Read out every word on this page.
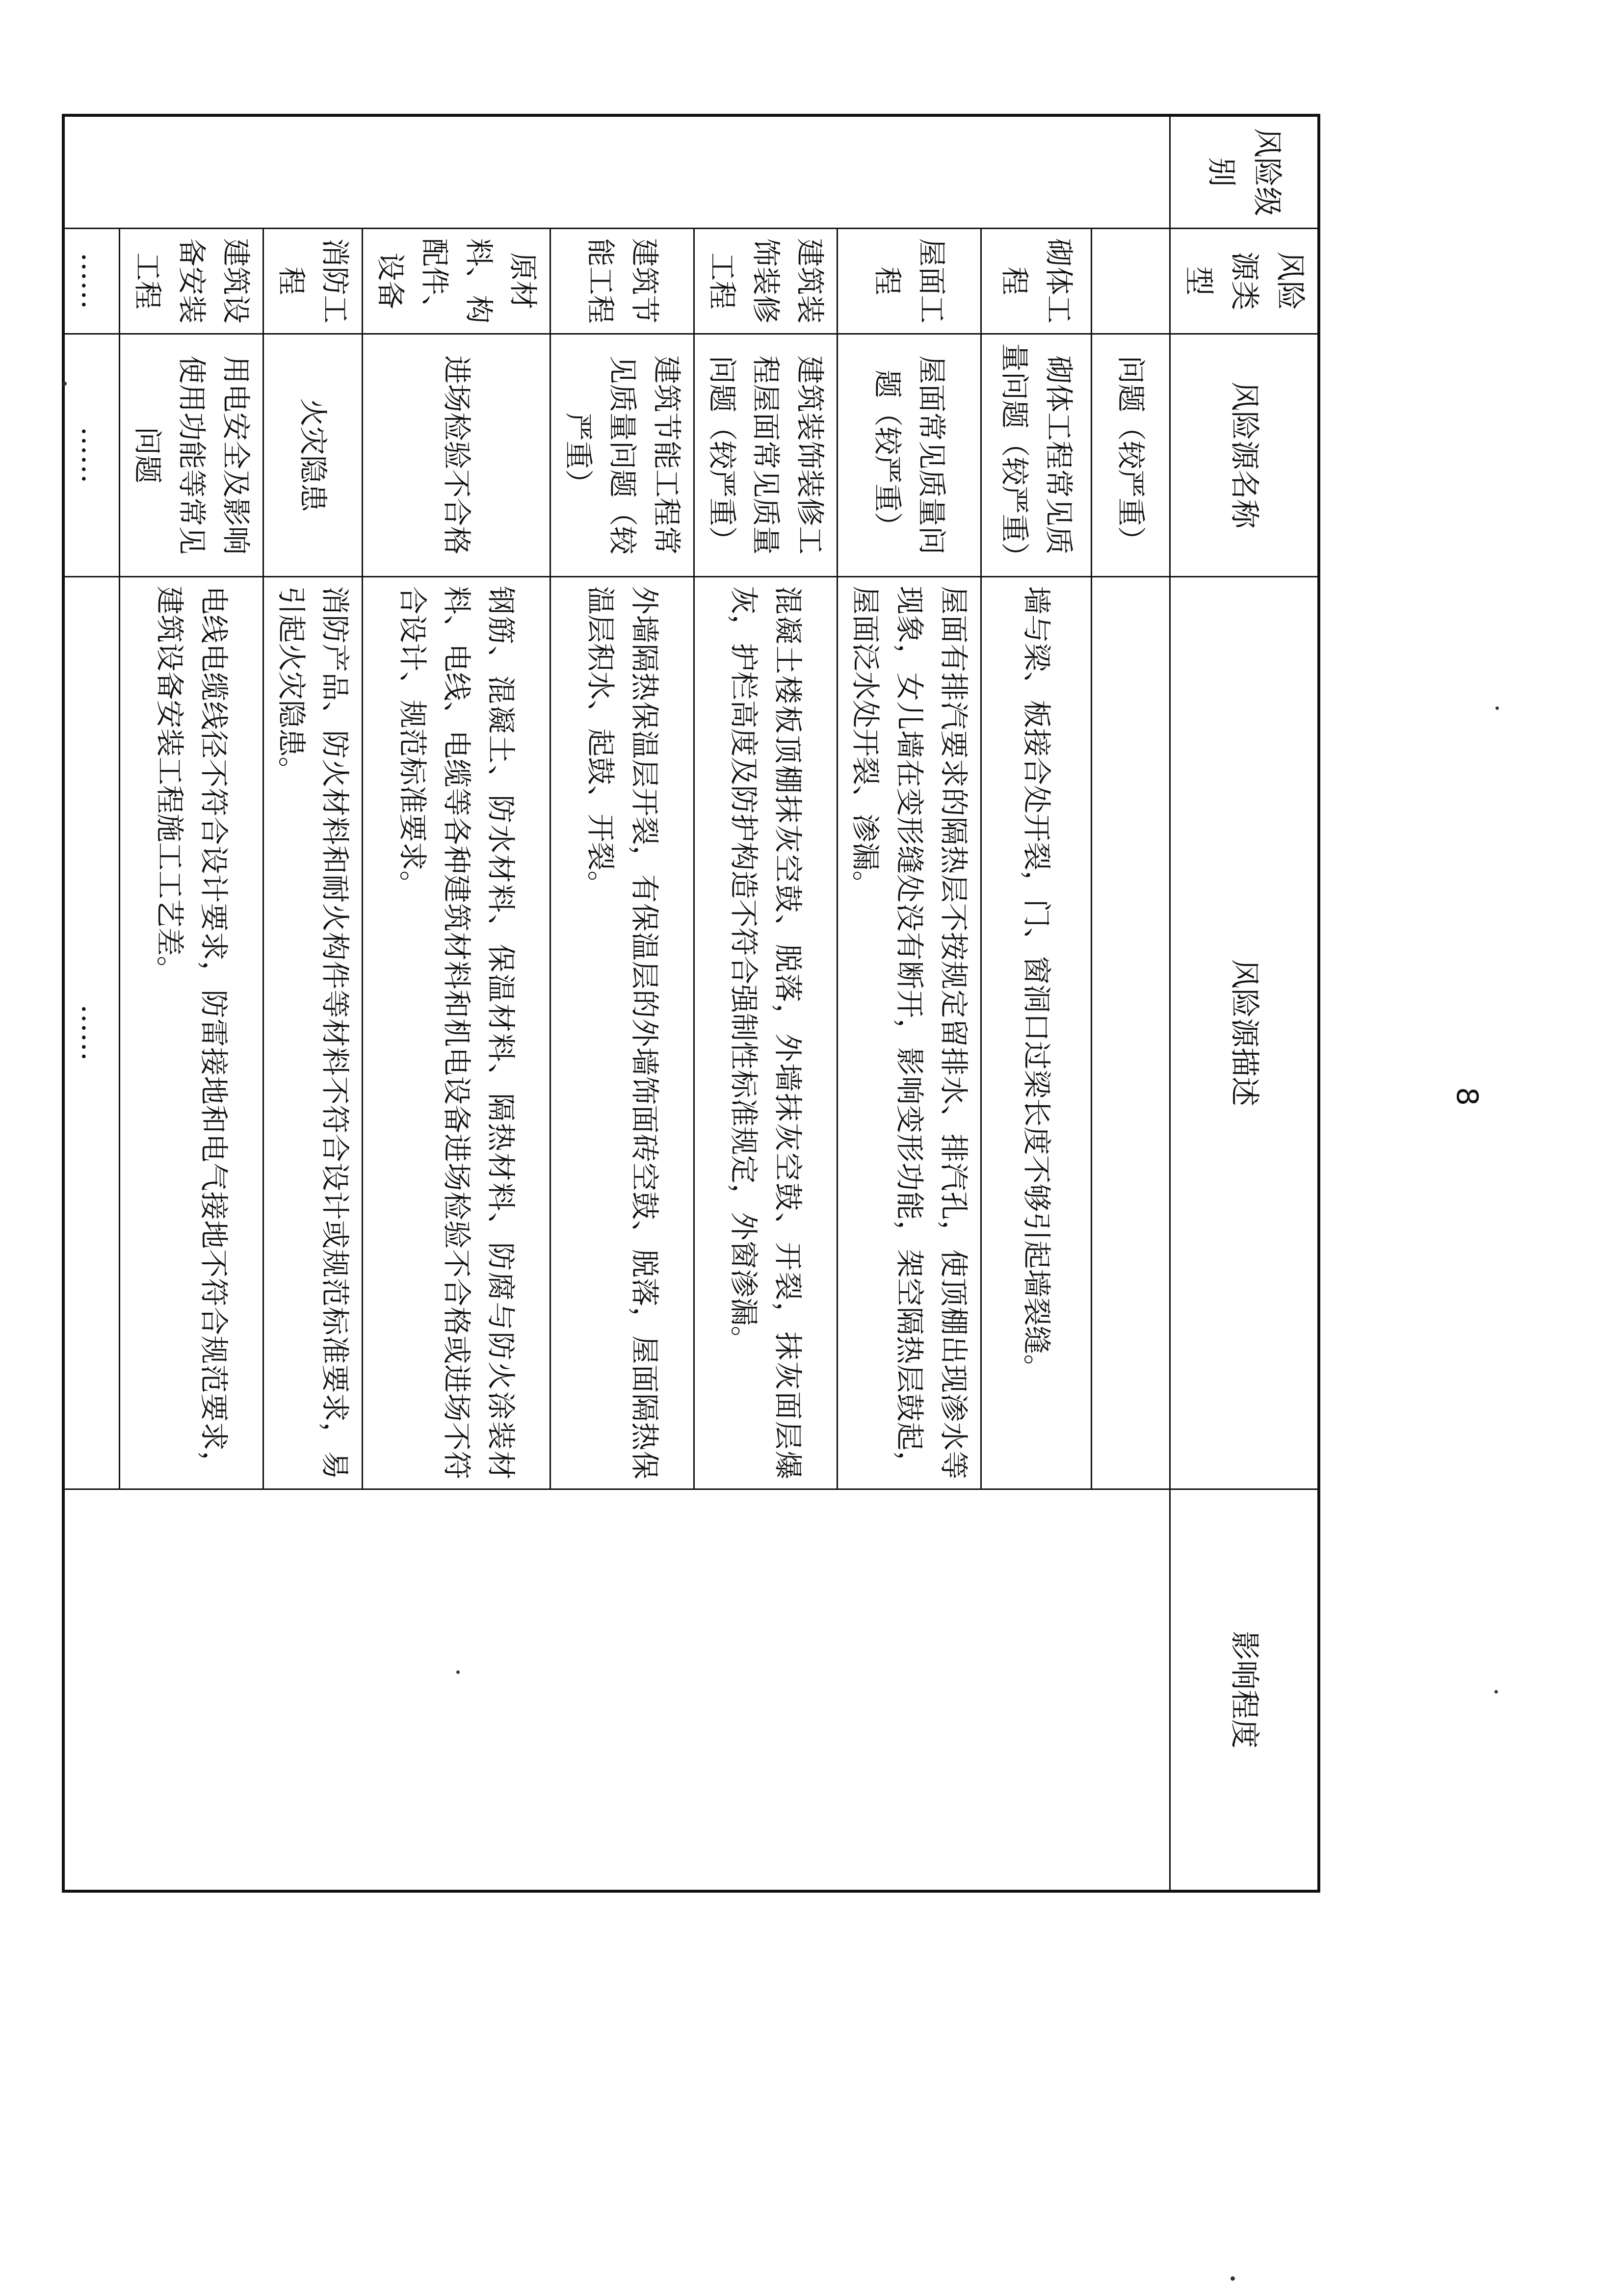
风险级别	风险源类型	风险源名称	风险源描述	影响程度
		问题（较严重）		
	砌体工程	砌体工程常见质量问题（较严重）	墙与梁、板接合处开裂，门、窗洞口过梁长度不够引起墙裂缝。	
	屋面工程	屋面常见质量问题（较严重）	屋面有排汽要求的隔热层不按规定留排水、排汽孔，使顶棚出现渗水等现象，女儿墙在变形缝处没有断开，影响变形功能，架空隔热层鼓起，屋面泛水处开裂、渗漏。	
	建筑装饰装修工程	建筑装饰装修工程屋面常见质量问题（较严重）	混凝土楼板顶棚抹灰空鼓、脱落，外墙抹灰空鼓、开裂，抹灰面层爆灰，护栏高度及防护构造不符合强制性标准规定，外窗渗漏。	
	建筑节能工程	建筑节能工程常见质量问题（较严重）	外墙隔热保温层开裂，有保温层的外墙饰面砖空鼓、脱落，屋面隔热保温层积水、起鼓、开裂。	
	原材料、构配件、设备	进场检验不合格	钢筋、混凝土、防水材料、保温材料、隔热材料、防腐与防火涂装材料、电线、电缆等各种建筑材料和机电设备进场检验不合格或进场不符合设计、规范标准要求。	
	消防工程	火灾隐患	消防产品、防火材料和耐火构件等材料不符合设计或规范标准要求，易引起火灾隐患。	
	建筑设备安装工程	用电安全及影响使用功能等常见问题	电线电缆线径不符合设计要求，防雷接地和电气接地不符合规范要求，建筑设备安装工程施工工艺差。	
	……	……	……	
8
